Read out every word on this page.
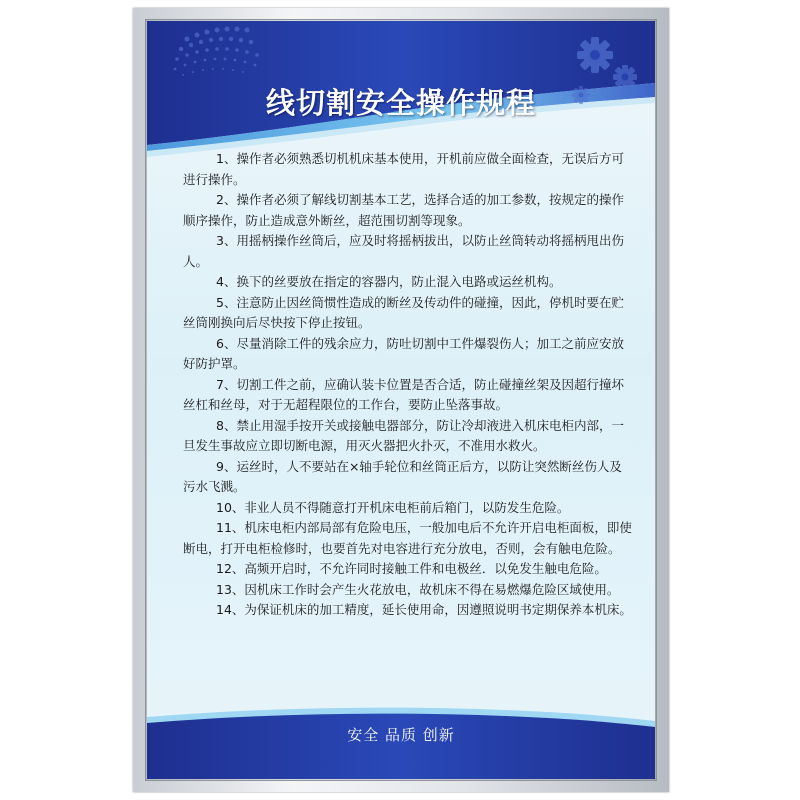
线切割安全操作规程

1、操作者必须熟悉切机机床基本使用，开机前应做全面检查，无误后方可进行操作。

2、操作者必须了解线切割基本工艺，选择合适的加工参数，按规定的操作顺序操作，防止造成意外断丝，超范围切割等现象。

3、用摇柄操作丝筒后，应及时将摇柄拔出，以防止丝筒转动将摇柄甩出伤人。

4、换下的丝要放在指定的容器内，防止混入电路或运丝机构。

5、注意防止因丝筒惯性造成的断丝及传动件的碰撞，因此，停机时要在贮 丝筒刚换向后尽快按下停止按钮。

6、尽量消除工件的残余应力，防吐切割中工件爆裂伤人；加工之前应安放好防护罩。

7、切割工件之前，应确认装卡位置是否合适，防止碰撞丝架及因超行撞坏丝杠和丝母，对于无超程限位的工作台，要防止坠落事故。

8、禁止用湿手按开关或接触电器部分，防让冷却液进入机床电柜内部，一旦发生事故应立即切断电源，用灭火器把火扑灭，不准用水救火。

9、运丝时，人不要站在×轴手轮位和丝筒正后方，以防让突然断丝伤人及污水飞溅。

10、非业人员不得随意打开机床电柜前后箱门，以防发生危险。

11、机床电柜内部局部有危险电压，一般加电后不允许开启电柜面板，即使断电，打开电柜检修时，也要首先对电容进行充分放电，否则，会有触电危险。

12、高频开启时，不允许同时接触工件和电极丝．以免发生触电危险。

13、因机床工作时会产生火花放电，故机床不得在易燃爆危险区域使用。

14、为保证机床的加工精度，延长使用命，因遵照说明书定期保养本机床。

安全 品质 创新
